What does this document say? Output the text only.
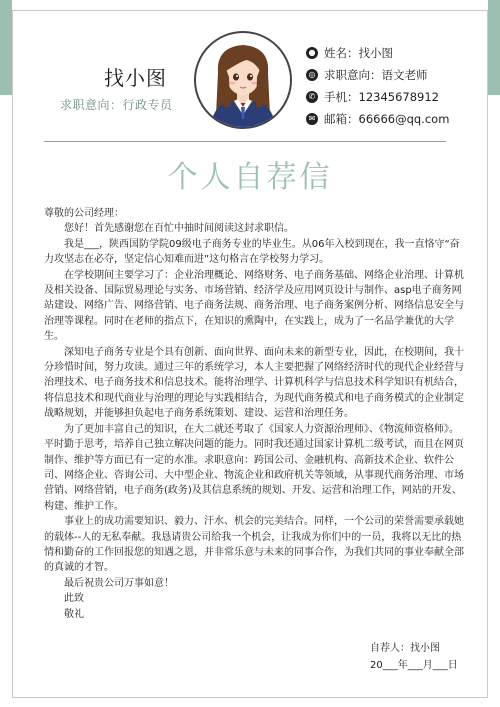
找小图
求职意向：行政专员
● 姓名：找小图
◎ 求职意向：语文老师
✆ 手机：12345678912
✉ 邮箱：66666@qq.com
个人自荐信

尊敬的公司经理：

您好！首先感谢您在百忙中抽时间阅读这封求职信。

我是___，陕西国防学院09级电子商务专业的毕业生。从06年入校到现在，我一直恪守“奋力攻坚志在必夺，坚定信心知难而进”这句格言在学校努力学习。

在学校期间主要学习了：企业治理概论、网络财务、电子商务基础、网络企业治理、计算机及相关设备、国际贸易理论与实务、市场营销、经济学及应用网页设计与制作、asp电子商务网站建设、网络广告、网络营销、电子商务法规、商务治理、电子商务案例分析、网络信息安全与治理等课程。同时在老师的指点下，在知识的熏陶中，在实践上，成为了一名品学兼优的大学生。

深知电子商务专业是个具有创新、面向世界、面向未来的新型专业，因此，在校期间，我十分珍惜时间，努力攻读。通过三年的系统学习，本人主要把握了网络经济时代的现代企业经营与治理技术、电子商务技术和信息技术。能将治理学、计算机科学与信息技术科学知识有机结合，将信息技术和现代商业与治理的理论与实践相结合，为现代商务模式和电子商务模式的企业制定战略规划，并能够担负起电子商务系统策划、建设、运营和治理任务。

为了更加丰富自己的知识，在大二就还考取了《国家人力资源治理师》、《物流师资格师》。平时勤于思考，培养自己独立解决问题的能力。同时我还通过国家计算机二级考试，而且在网页制作、维护等方面已有一定的水准。求职意向：跨国公司、金融机构、高新技术企业、软件公司、网络企业、咨询公司、大中型企业、物流企业和政府机关等领域，从事现代商务治理、市场营销、网络营销，电子商务(政务)及其信息系统的规划、开发、运营和治理工作，网站的开发、构建、维护工作。

事业上的成功需要知识、毅力、汗水、机会的完美结合。同样，一个公司的荣誉需要承载她的载体--人的无私奉献。我恳请贵公司给我一个机会，让我成为你们中的一员，我将以无比的热情和勤奋的工作回报您的知遇之恩，并非常乐意与未来的同事合作，为我们共同的事业奉献全部的真诚的才智。

最后祝贵公司万事如意！

此致

敬礼

自荐人：找小图
20___年___月___日
